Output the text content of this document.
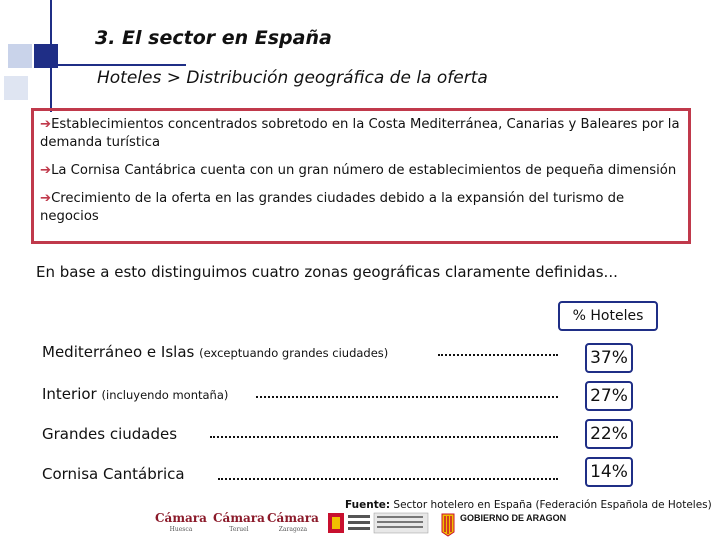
3. El sector en España
Hoteles > Distribución geográfica de la oferta

➔Establecimientos concentrados sobretodo en la Costa Mediterránea, Canarias y Baleares por la demanda turística

➔La Cornisa Cantábrica cuenta con un gran número de establecimientos de pequeña dimensión

➔Crecimiento de la oferta en las grandes ciudades debido a la expansión del turismo de negocios

En base a esto distinguimos cuatro zonas geográficas claramente definidas...
% Hoteles
Mediterráneo e Islas (exceptuando grandes ciudades)	37%
Interior (incluyendo montaña)	27%
Grandes ciudades	22%
Cornisa Cantábrica	14%
Fuente: Sector hotelero en España (Federación Española de Hoteles)
Cámara
Huesca
Cámara
Teruel
Cámara
Zaragoza
GOBIERNO DE ARAGON
